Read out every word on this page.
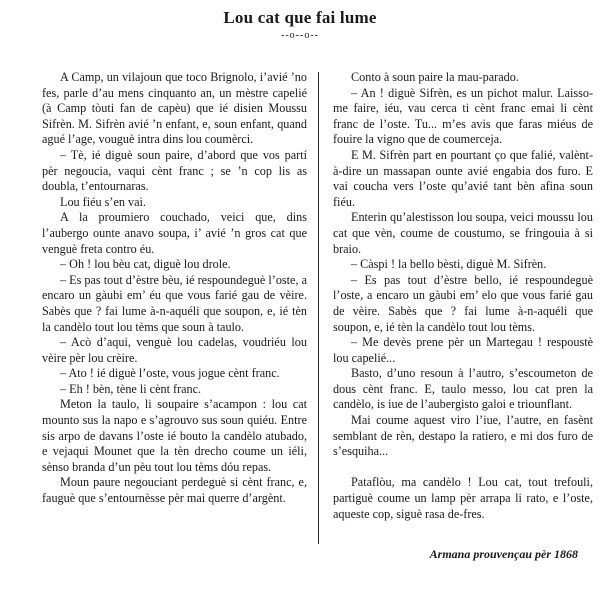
Lou cat que fai lume
--o--o--

A Camp, un vilajoun que toco Brignolo, i’avié ’no fes, parle d’au mens cinquanto an, un mèstre capelié (à Camp tòuti fan de capèu) que ié disien Moussu Sifrèn. M. Sifrèn avié ’n enfant, e, soun enfant, quand agué l’age, vouguè intra dins lou coumèrci.

– Tè, ié diguè soun paire, d’abord que vos partí pèr negoucia, vaqui cènt franc ; se ’n cop lis as doubla, t’entournaras.

Lou fiéu s’en vai.

A la proumiero couchado, veici que, dins l’aubergo ounte anavo soupa, i’ avié ’n gros cat que venguè freta contro éu.

– Oh ! lou bèu cat, diguè lou drole.

– Es pas tout d’èstre bèu, ié respoundeguè l’oste, a encaro un gàubi em’ éu que vous farié gau de vèire. Sabès que ? fai lume à-n-aquéli que soupon, e, ié tèn la candèlo tout lou tèms que soun à taulo.

– Acò d’aqui, venguè lou cadelas, voudriéu lou vèire pèr lou crèire.

– Ato ! ié diguè l’oste, vous jogue cènt franc.

– Eh ! bèn, tène li cènt franc.

Meton la taulo, li soupaire s’acampon : lou cat mounto sus la napo e s’agrouvo sus soun quiéu. Entre sis arpo de davans l’oste ié bouto la candèlo atubado, e vejaqui Mounet que la tèn drecho coume un iéli, sènso branda d’un pèu tout lou tèms dóu repas.

Moun paure negouciant perdeguè si cènt franc, e, fauguè que s’entournèsse pèr mai querre d’argènt.

Conto à soun paire la mau-parado.

– An ! diguè Sifrèn, es un pichot malur. Laisso-me faire, iéu, vau cerca ti cènt franc emai li cènt franc de l’oste. Tu... m’es avis que faras miéus de fouire la vigno que de coumerceja.

E M. Sifrèn part en pourtant ço que falié, valènt-à-dire un massapan ounte avié engabia dos furo. E vai coucha vers l’oste qu’avié tant bèn afina soun fiéu.

Enterin qu’alestisson lou soupa, veici moussu lou cat que vèn, coume de coustumo, se fringouia à si braio.

– Càspi ! la bello bèsti, diguè M. Sifrèn.

– Es pas tout d’èstre bello, ié respoundeguè l’oste, a encaro un gàubi em’ elo que vous farié gau de vèire. Sabès que ? fai lume à-n-aquéli que soupon, e, ié tèn la candèlo tout lou tèms.

– Me devès prene pèr un Martegau ! respoustè lou capelié...

Basto, d’uno resoun à l’autro, s’escoumeton de dous cènt franc. E, taulo messo, lou cat pren la candèlo, is iue de l’aubergisto galoi e triounflant.

Mai coume aquest viro l’iue, l’autre, en fasènt semblant de rèn, destapo la ratiero, e mi dos furo de s’esquiha...

Pataflòu, ma candèlo ! Lou cat, tout trefouli, partiguè coume un lamp pèr arrapa li rato, e l’oste, aqueste cop, siguè rasa de-fres.

Armana prouvençau pèr 1868
